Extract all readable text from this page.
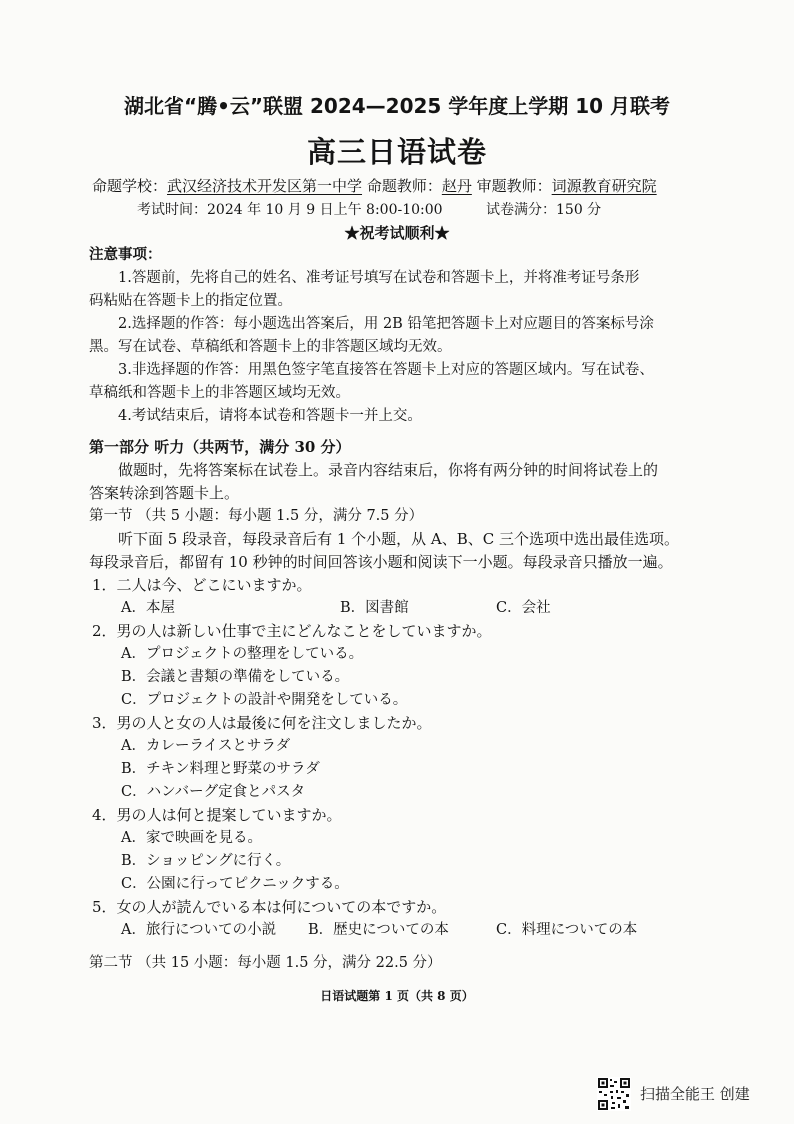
湖北省“腾•云”联盟 2024—2025 学年度上学期 10 月联考
高三日语试卷
命题学校：武汉经济技术开发区第一中学 命题教师：赵丹 审题教师：词源教育研究院
考试时间：2024 年 10 月 9 日上午 8:00-10:00	试卷满分：150 分
★祝考试顺利★
注意事项：
1.答题前，先将自己的姓名、准考证号填写在试卷和答题卡上，并将准考证号条形
码粘贴在答题卡上的指定位置。
2.选择题的作答：每小题选出答案后，用 2B 铅笔把答题卡上对应题目的答案标号涂
黑。写在试卷、草稿纸和答题卡上的非答题区域均无效。
3.非选择题的作答：用黑色签字笔直接答在答题卡上对应的答题区域内。写在试卷、
草稿纸和答题卡上的非答题区域均无效。
4.考试结束后，请将本试卷和答题卡一并上交。
第一部分 听力（共两节，满分 30 分）
做题时，先将答案标在试卷上。录音内容结束后，你将有两分钟的时间将试卷上的
答案转涂到答题卡上。
第一节 （共 5 小题：每小题 1.5 分，满分 7.5 分）
听下面 5 段录音，每段录音后有 1 个小题，从 A、B、C 三个选项中选出最佳选项。
每段录音后，都留有 10 秒钟的时间回答该小题和阅读下一小题。每段录音只播放一遍。
1．二人は今、どこにいますか。
A．本屋	B．図書館	C．会社
2．男の人は新しい仕事で主にどんなことをしていますか。
A．プロジェクトの整理をしている。
B．会議と書類の準備をしている。
C．プロジェクトの設計や開発をしている。
3．男の人と女の人は最後に何を注文しましたか。
A．カレーライスとサラダ
B．チキン料理と野菜のサラダ
C．ハンバーグ定食とパスタ
4．男の人は何と提案していますか。
A．家で映画を見る。
B．ショッピングに行く。
C．公園に行ってピクニックする。
5．女の人が読んでいる本は何についての本ですか。
A．旅行についての小説 B．歴史についての本	C．料理についての本
第二节 （共 15 小题：每小题 1.5 分，满分 22.5 分）
日语试题第 1 页（共 8 页）
扫描全能王 创建
